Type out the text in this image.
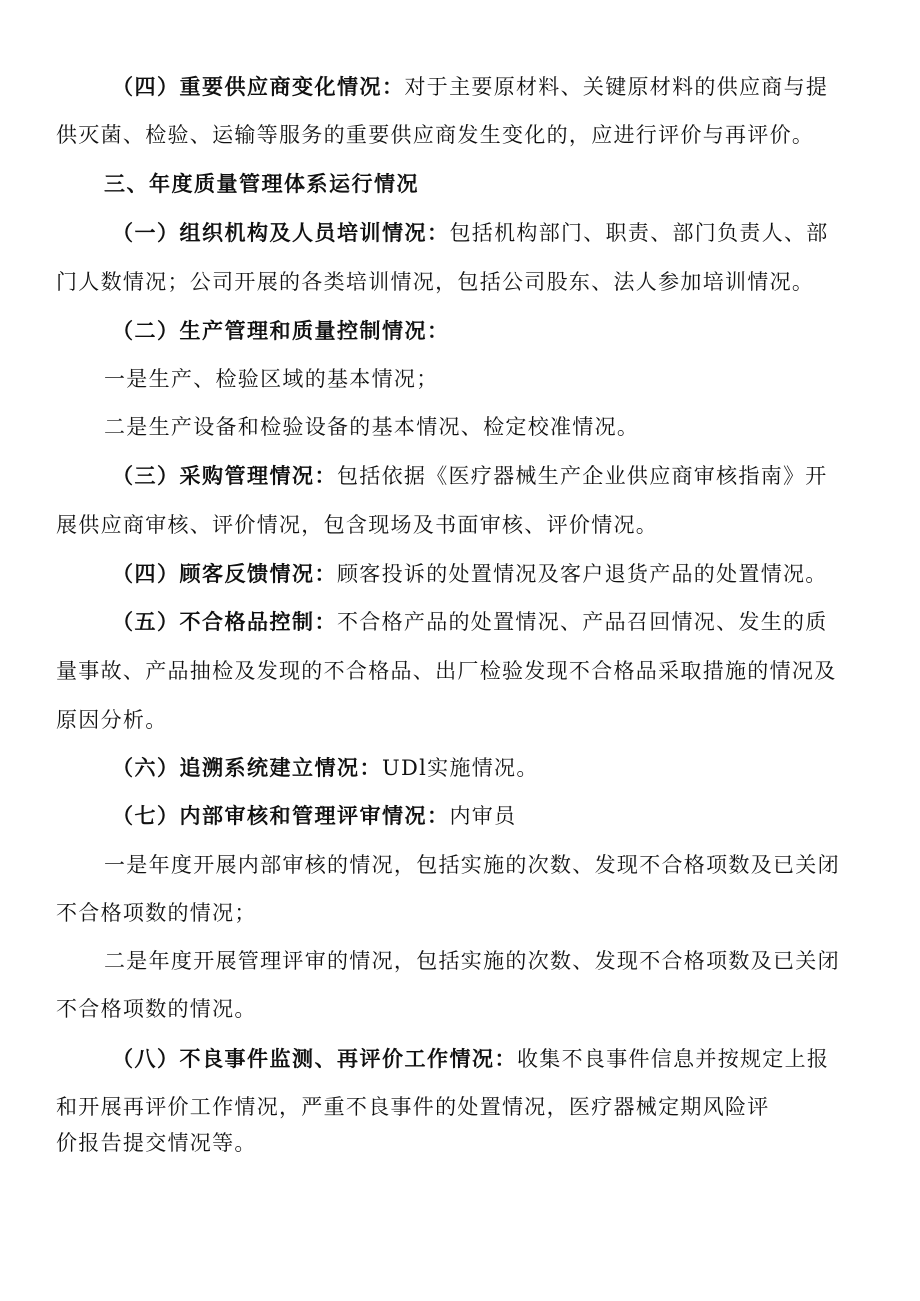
（四）重要供应商变化情况：对于主要原材料、关键原材料的供应商与提
供灭菌、检验、运输等服务的重要供应商发生变化的，应进行评价与再评价。
三、年度质量管理体系运行情况
（一）组织机构及人员培训情况：包括机构部门、职责、部门负责人、部
门人数情况；公司开展的各类培训情况，包括公司股东、法人参加培训情况。
（二）生产管理和质量控制情况：
一是生产、检验区域的基本情况；
二是生产设备和检验设备的基本情况、检定校准情况。
（三）采购管理情况：包括依据《医疗器械生产企业供应商审核指南》开
展供应商审核、评价情况，包含现场及书面审核、评价情况。
（四）顾客反馈情况：顾客投诉的处置情况及客户退货产品的处置情况。
（五）不合格品控制：不合格产品的处置情况、产品召回情况、发生的质
量事故、产品抽检及发现的不合格品、出厂检验发现不合格品采取措施的情况及
原因分析。
（六）追溯系统建立情况：UDl实施情况。
（七）内部审核和管理评审情况：内审员
一是年度开展内部审核的情况，包括实施的次数、发现不合格项数及已关闭
不合格项数的情况；
二是年度开展管理评审的情况，包括实施的次数、发现不合格项数及已关闭
不合格项数的情况。
（八）不良事件监测、再评价工作情况：收集不良事件信息并按规定上报
和开展再评价工作情况，严重不良事件的处置情况，医疗器械定期风险评
价报告提交情况等。
